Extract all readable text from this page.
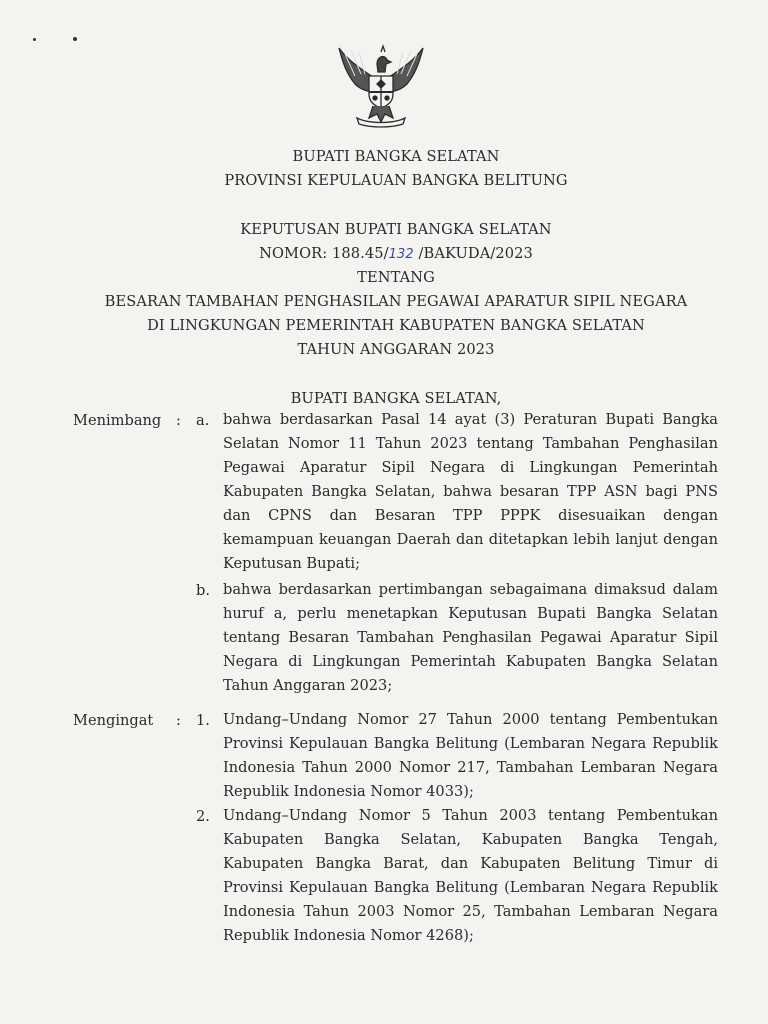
BUPATI BANGKA SELATAN
PROVINSI KEPULAUAN BANGKA BELITUNG
KEPUTUSAN BUPATI BANGKA SELATAN
NOMOR: 188.45/132 /BAKUDA/2023
TENTANG
BESARAN TAMBAHAN PENGHASILAN PEGAWAI APARATUR SIPIL NEGARA
DI LINGKUNGAN PEMERINTAH KABUPATEN BANGKA SELATAN
TAHUN ANGGARAN 2023
BUPATI BANGKA SELATAN,
Menimbang : a. bahwa berdasarkan Pasal 14 ayat (3) Peraturan Bupati Bangka Selatan Nomor 11 Tahun 2023 tentang Tambahan Penghasilan Pegawai Aparatur Sipil Negara di Lingkungan Pemerintah Kabupaten Bangka Selatan, bahwa besaran TPP ASN bagi PNS dan CPNS dan Besaran TPP PPPK disesuaikan dengan kemampuan keuangan Daerah dan ditetapkan lebih lanjut dengan Keputusan Bupati;
b. bahwa berdasarkan pertimbangan sebagaimana dimaksud dalam huruf a, perlu menetapkan Keputusan Bupati Bangka Selatan tentang Besaran Tambahan Penghasilan Pegawai Aparatur Sipil Negara di Lingkungan Pemerintah Kabupaten Bangka Selatan Tahun Anggaran 2023;
Mengingat : 1. Undang–Undang Nomor 27 Tahun 2000 tentang Pembentukan Provinsi Kepulauan Bangka Belitung (Lembaran Negara Republik Indonesia Tahun 2000 Nomor 217, Tambahan Lembaran Negara Republik Indonesia Nomor 4033);
2. Undang–Undang Nomor 5 Tahun 2003 tentang Pembentukan Kabupaten Bangka Selatan, Kabupaten Bangka Tengah, Kabupaten Bangka Barat, dan Kabupaten Belitung Timur di Provinsi Kepulauan Bangka Belitung (Lembaran Negara Republik Indonesia Tahun 2003 Nomor 25, Tambahan Lembaran Negara Republik Indonesia Nomor 4268);
